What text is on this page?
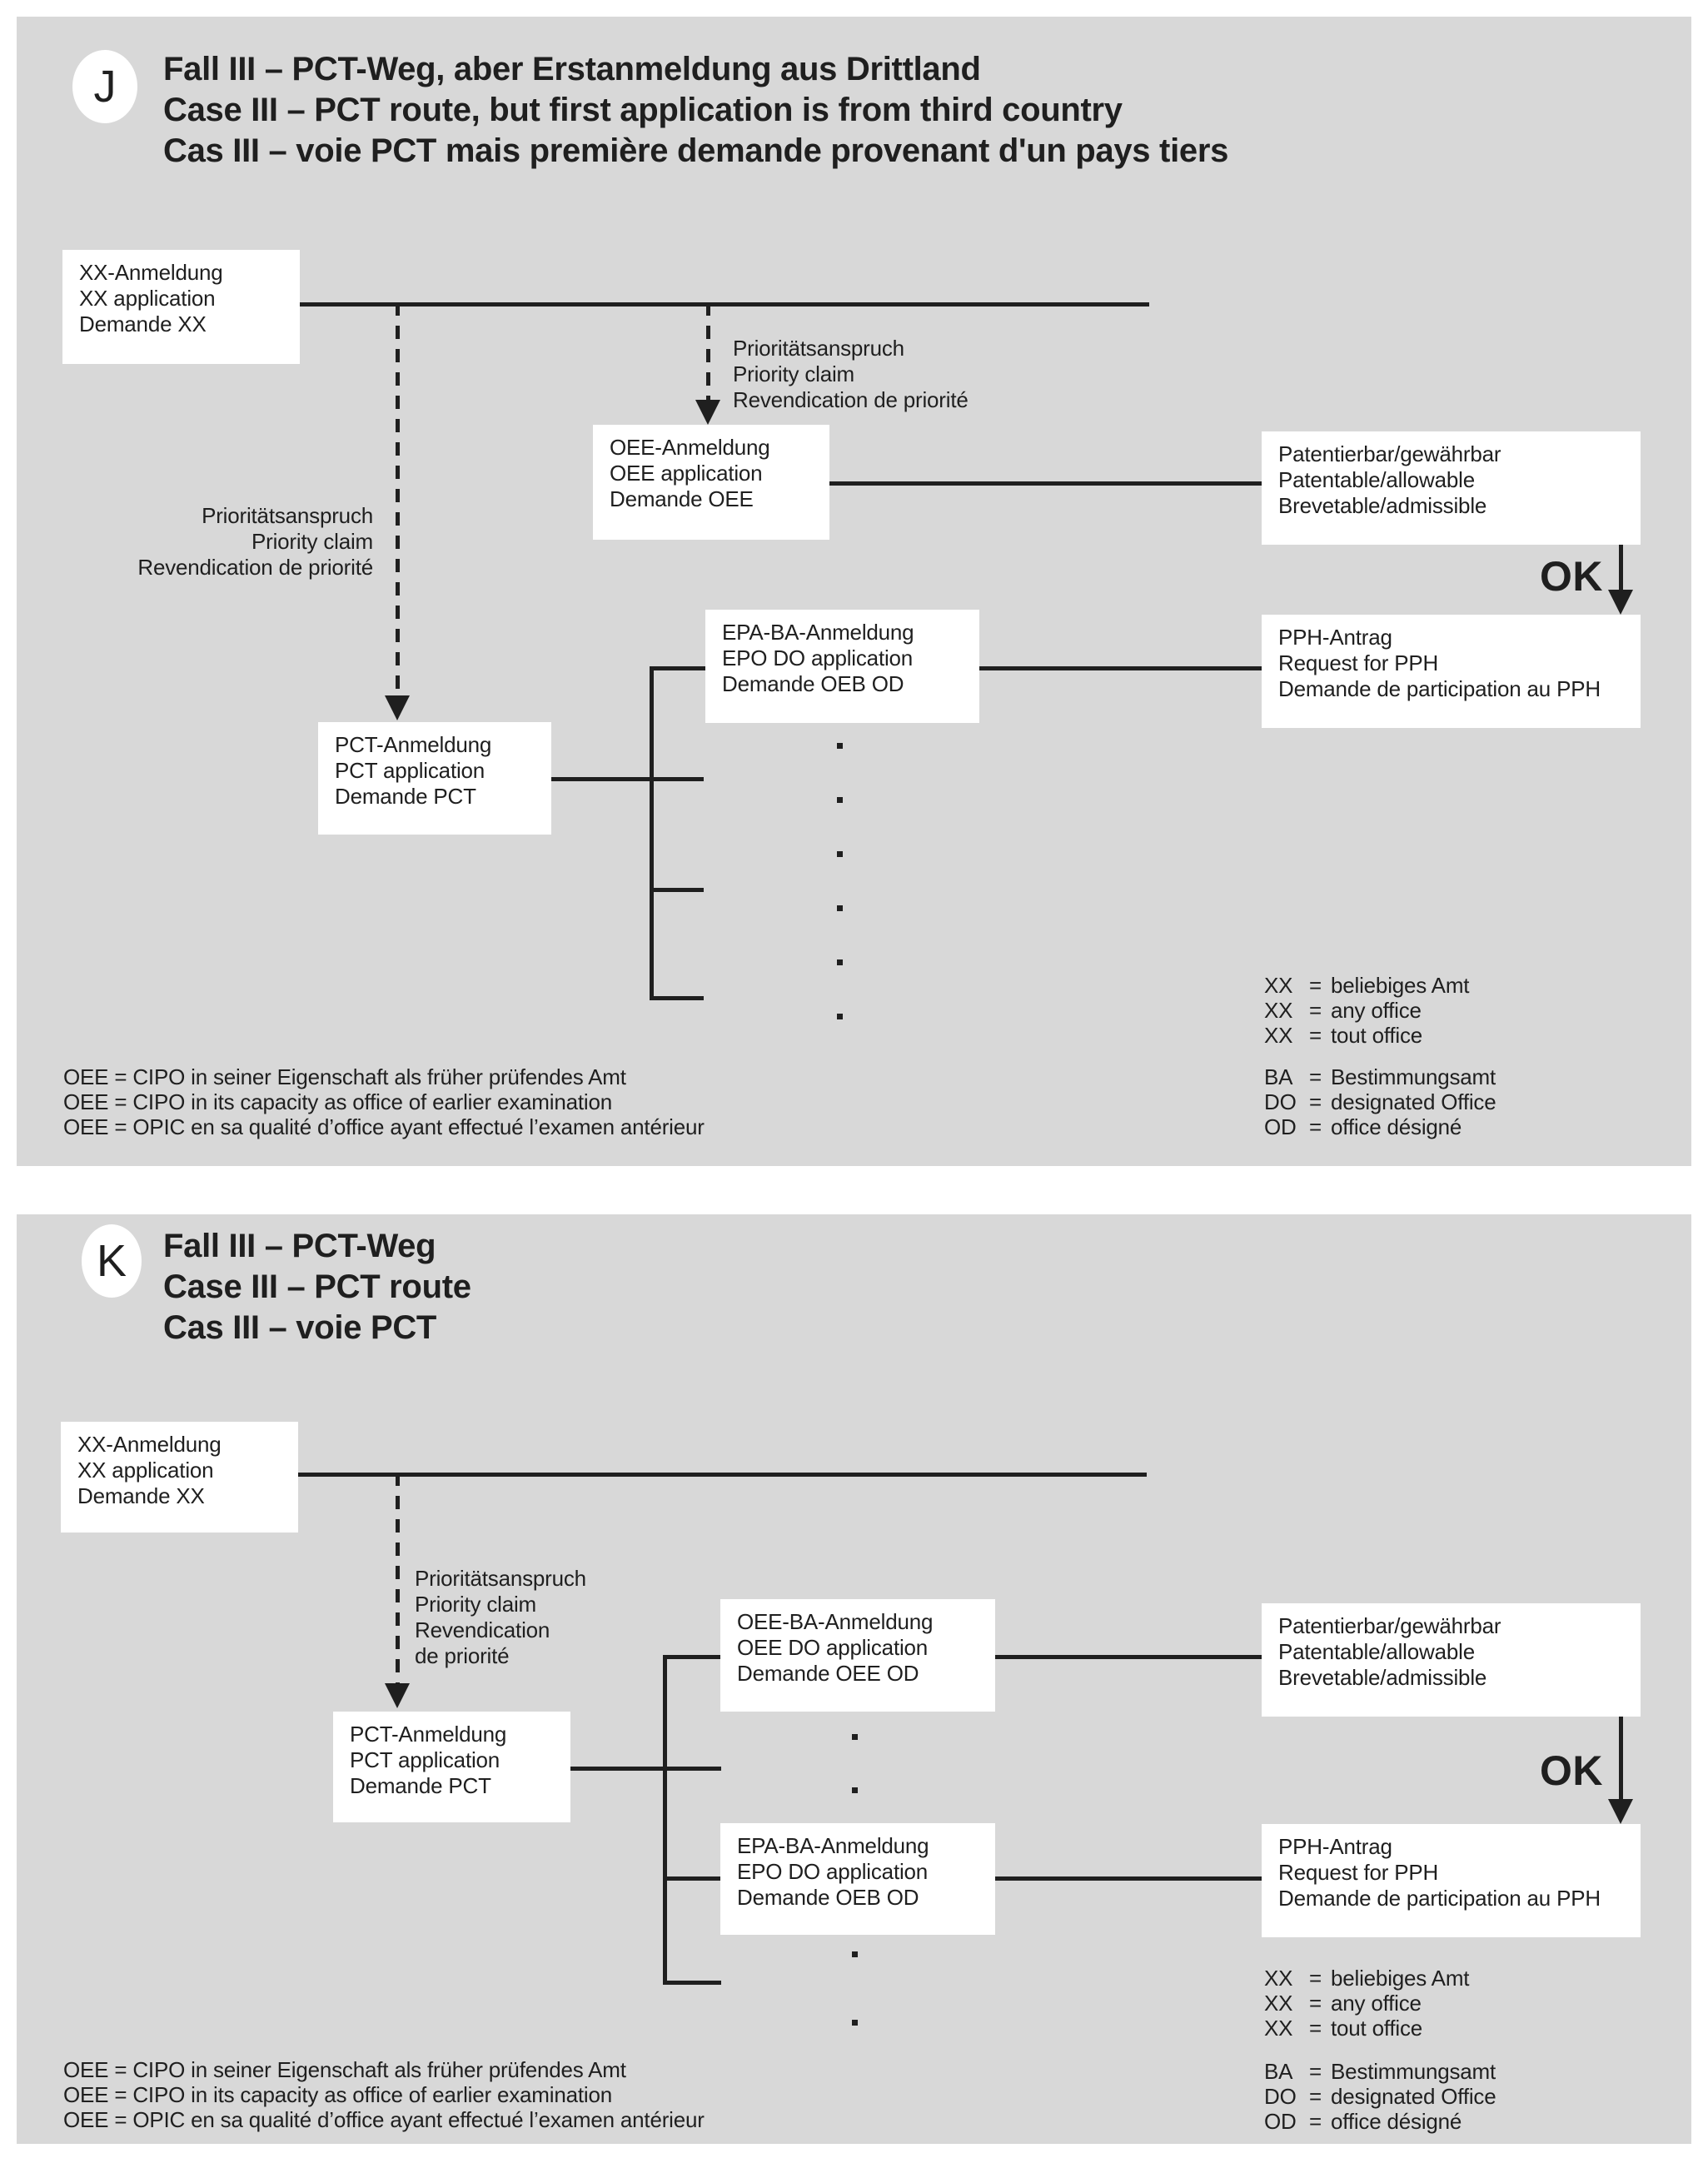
J	Fall III – PCT-Weg, aber Erstanmeldung aus Drittland
Case III – PCT route, but first application is from third country
Cas III – voie PCT mais première demande provenant d'un pays tiers
XX-Anmeldung
XX application
Demande XX
Prioritätsanspruch
Priority claim
Revendication de priorité
Prioritätsanspruch
Priority claim
Revendication de priorité
OEE-Anmeldung
OEE application
Demande OEE
Patentierbar/gewährbar
Patentable/allowable
Brevetable/admissible
OK
PPH-Antrag
Request for PPH
Demande de participation au PPH
PCT-Anmeldung
PCT application
Demande PCT
EPA-BA-Anmeldung
EPO DO application
Demande OEB OD
OEE = CIPO in seiner Eigenschaft als früher prüfendes Amt
OEE = CIPO in its capacity as office of earlier examination
OEE = OPIC en sa qualité d’office ayant effectué l’examen antérieur
XX = beliebiges Amt
XX = any office
XX = tout office
BA = Bestimmungsamt
DO = designated Office
OD = office désigné
K	Fall III – PCT-Weg
Case III – PCT route
Cas III – voie PCT
XX-Anmeldung
XX application
Demande XX
Prioritätsanspruch
Priority claim
Revendication
de priorité
PCT-Anmeldung
PCT application
Demande PCT
OEE-BA-Anmeldung
OEE DO application
Demande OEE OD
Patentierbar/gewährbar
Patentable/allowable
Brevetable/admissible
OK
EPA-BA-Anmeldung
EPO DO application
Demande OEB OD
PPH-Antrag
Request for PPH
Demande de participation au PPH
OEE = CIPO in seiner Eigenschaft als früher prüfendes Amt
OEE = CIPO in its capacity as office of earlier examination
OEE = OPIC en sa qualité d’office ayant effectué l’examen antérieur
XX = beliebiges Amt
XX = any office
XX = tout office
BA = Bestimmungsamt
DO = designated Office
OD = office désigné
